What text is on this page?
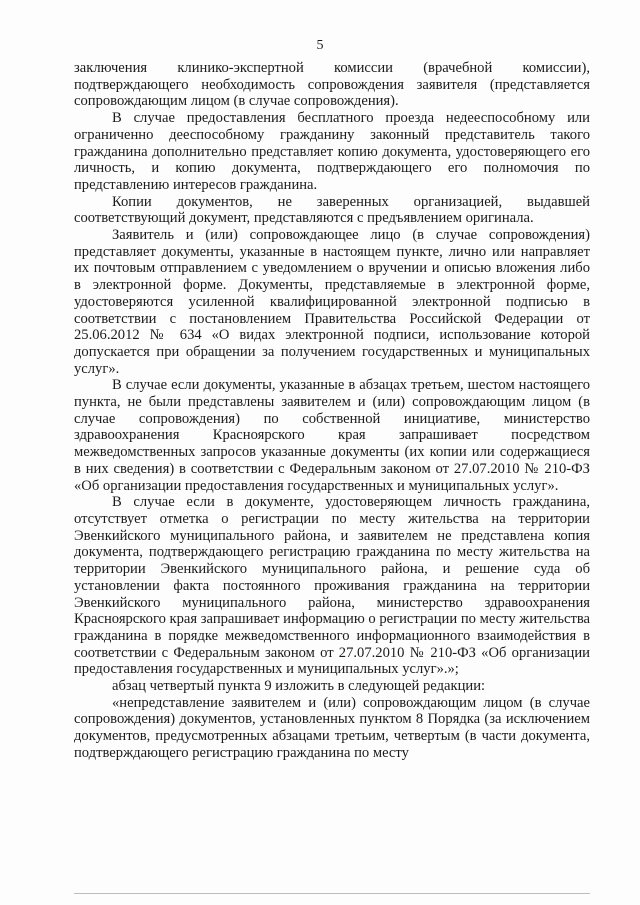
5

заключения клинико-экспертной комиссии (врачебной комиссии), подтверждающего необходимость сопровождения заявителя (представляется сопровождающим лицом (в случае сопровождения).

В случае предоставления бесплатного проезда недееспособному или ограниченно дееспособному гражданину законный представитель такого гражданина дополнительно представляет копию документа, удостоверяющего его личность, и копию документа, подтверждающего его полномочия по представлению интересов гражданина.

Копии документов, не заверенных организацией, выдавшей соответствующий документ, представляются с предъявлением оригинала.

Заявитель и (или) сопровождающее лицо (в случае сопровождения) представляет документы, указанные в настоящем пункте, лично или направляет их почтовым отправлением с уведомлением о вручении и описью вложения либо в электронной форме. Документы, представляемые в электронной форме, удостоверяются усиленной квалифицированной электронной подписью в соответствии с постановлением Правительства Российской Федерации от 25.06.2012 № 634 «О видах электронной подписи, использование которой допускается при обращении за получением государственных и муниципальных услуг».

В случае если документы, указанные в абзацах третьем, шестом настоящего пункта, не были представлены заявителем и (или) сопровождающим лицом (в случае сопровождения) по собственной инициативе, министерство здравоохранения Красноярского края запрашивает посредством межведомственных запросов указанные документы (их копии или содержащиеся в них сведения) в соответствии с Федеральным законом от 27.07.2010 № 210-ФЗ «Об организации предоставления государственных и муниципальных услуг».

В случае если в документе, удостоверяющем личность гражданина, отсутствует отметка о регистрации по месту жительства на территории Эвенкийского муниципального района, и заявителем не представлена копия документа, подтверждающего регистрацию гражданина по месту жительства на территории Эвенкийского муниципального района, и решение суда об установлении факта постоянного проживания гражданина на территории Эвенкийского муниципального района, министерство здравоохранения Красноярского края запрашивает информацию о регистрации по месту жительства гражданина в порядке межведомственного информационного взаимодействия в соответствии с Федеральным законом от 27.07.2010 № 210-ФЗ «Об организации предоставления государственных и муниципальных услуг».»;

абзац четвертый пункта 9 изложить в следующей редакции:

«непредставление заявителем и (или) сопровождающим лицом (в случае сопровождения) документов, установленных пунктом 8 Порядка (за исключением документов, предусмотренных абзацами третьим, четвертым (в части документа, подтверждающего регистрацию гражданина по месту
